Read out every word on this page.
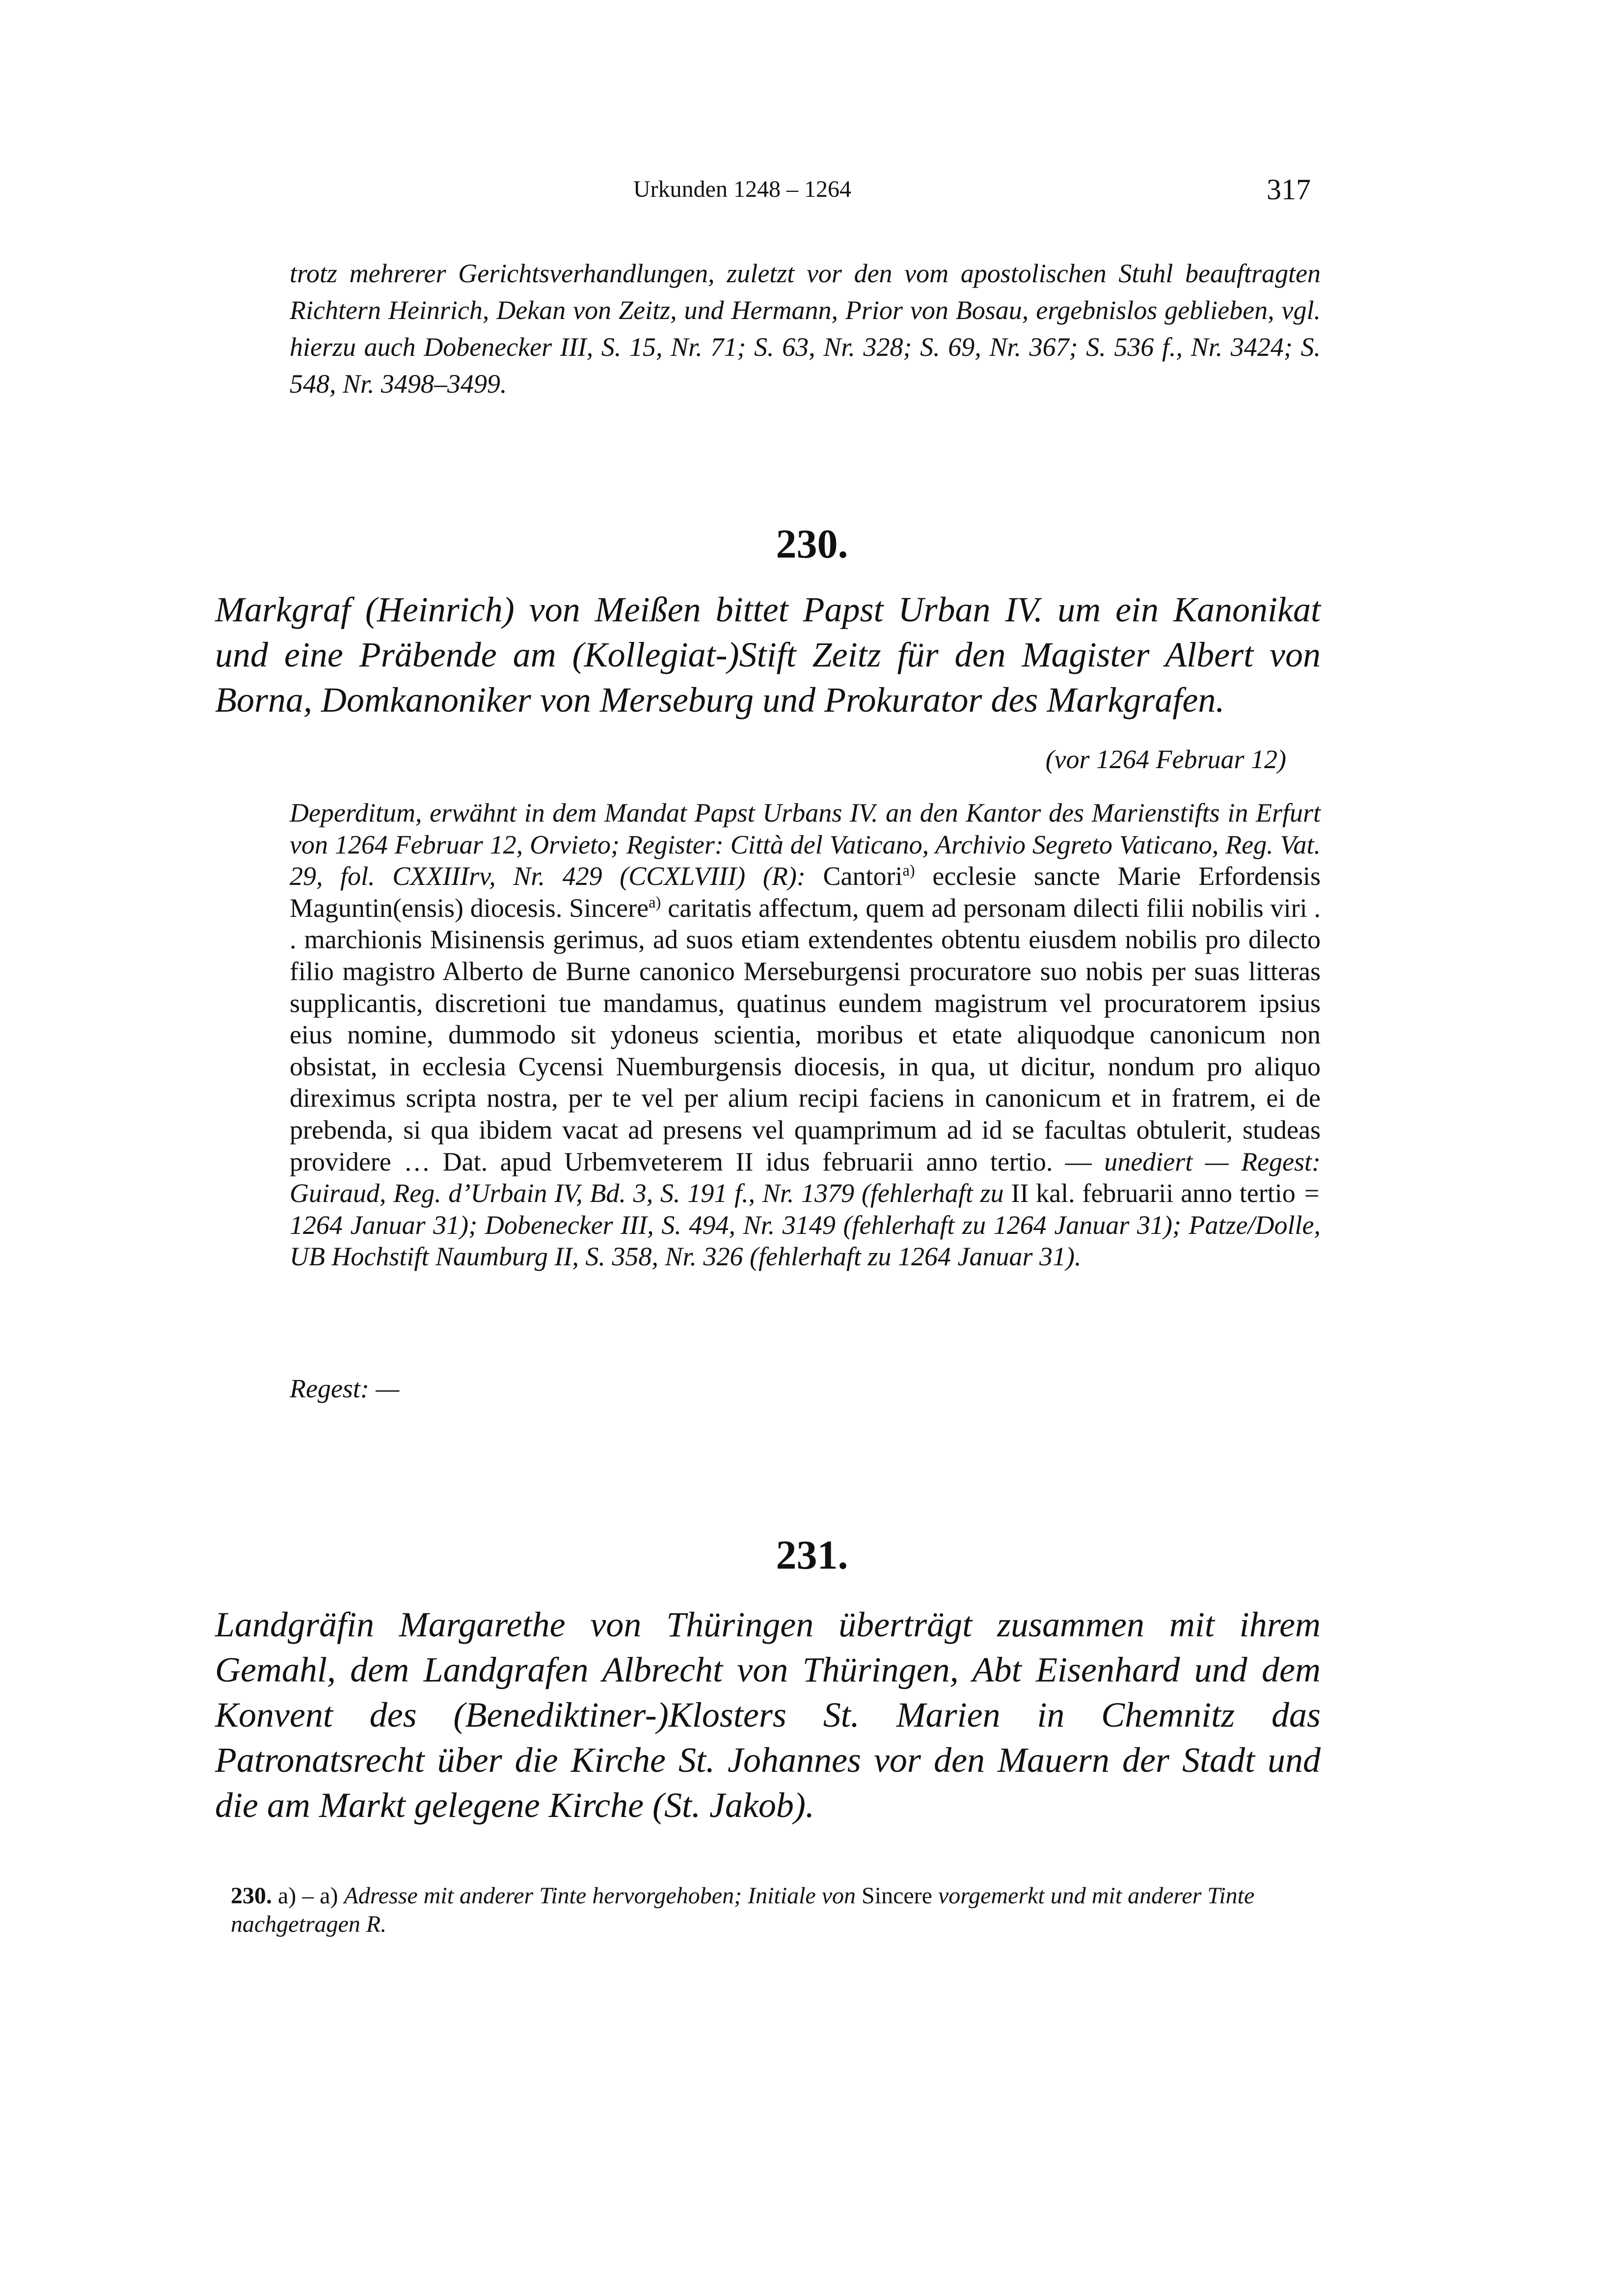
Urkunden 1248 – 1264	317
trotz mehrerer Gerichtsverhandlungen, zuletzt vor den vom apostolischen Stuhl beauftragten Richtern Heinrich, Dekan von Zeitz, und Hermann, Prior von Bosau, ergebnislos geblieben, vgl. hierzu auch Dobenecker III, S. 15, Nr. 71; S. 63, Nr. 328; S. 69, Nr. 367; S. 536 f., Nr. 3424; S. 548, Nr. 3498–3499.
230.
Markgraf (Heinrich) von Meißen bittet Papst Urban IV. um ein Kanonikat und eine Präbende am (Kollegiat-)Stift Zeitz für den Magister Albert von Borna, Domkanoniker von Merseburg und Prokurator des Markgrafen.
(vor 1264 Februar 12)
Deperditum, erwähnt in dem Mandat Papst Urbans IV. an den Kantor des Marienstifts in Erfurt von 1264 Februar 12, Orvieto; Register: Città del Vaticano, Archivio Segreto Vaticano, Reg. Vat. 29, fol. CXXIIIrv, Nr. 429 (CCXLVIII) (R): Cantori$^{a)}$ ecclesie sancte Marie Erfordensis Maguntin(ensis) diocesis. Sincere$^{a)}$ caritatis affectum, quem ad personam dilecti filii nobilis viri . . marchionis Misinensis gerimus, ad suos etiam extendentes obtentu eiusdem nobilis pro dilecto filio magistro Alberto de Burne canonico Merseburgensi procuratore suo nobis per suas litteras supplicantis, discretioni tue mandamus, quatinus eundem magistrum vel procuratorem ipsius eius nomine, dummodo sit ydoneus scientia, moribus et etate aliquodque canonicum non obsistat, in ecclesia Cycensi Nuemburgensis diocesis, in qua, ut dicitur, nondum pro aliquo direximus scripta nostra, per te vel per alium recipi faciens in canonicum et in fratrem, ei de prebenda, si qua ibidem vacat ad presens vel quamprimum ad id se facultas obtulerit, studeas providere … Dat. apud Urbemveterem II idus februarii anno tertio. — unediert — Regest: Guiraud, Reg. d’Urbain IV, Bd. 3, S. 191 f., Nr. 1379 (fehlerhaft zu II kal. februarii anno tertio = 1264 Januar 31); Dobenecker III, S. 494, Nr. 3149 (fehlerhaft zu 1264 Januar 31); Patze/Dolle, UB Hochstift Naumburg II, S. 358, Nr. 326 (fehlerhaft zu 1264 Januar 31).
Regest: —
231.
Landgräfin Margarethe von Thüringen überträgt zusammen mit ihrem Gemahl, dem Landgrafen Albrecht von Thüringen, Abt Eisenhard und dem Konvent des (Benediktiner-)Klosters St. Marien in Chemnitz das Patronatsrecht über die Kirche St. Johannes vor den Mauern der Stadt und die am Markt gelegene Kirche (St. Jakob).
230. a) – a) Adresse mit anderer Tinte hervorgehoben; Initiale von Sincere vorgemerkt und mit anderer Tinte nachgetragen R.
